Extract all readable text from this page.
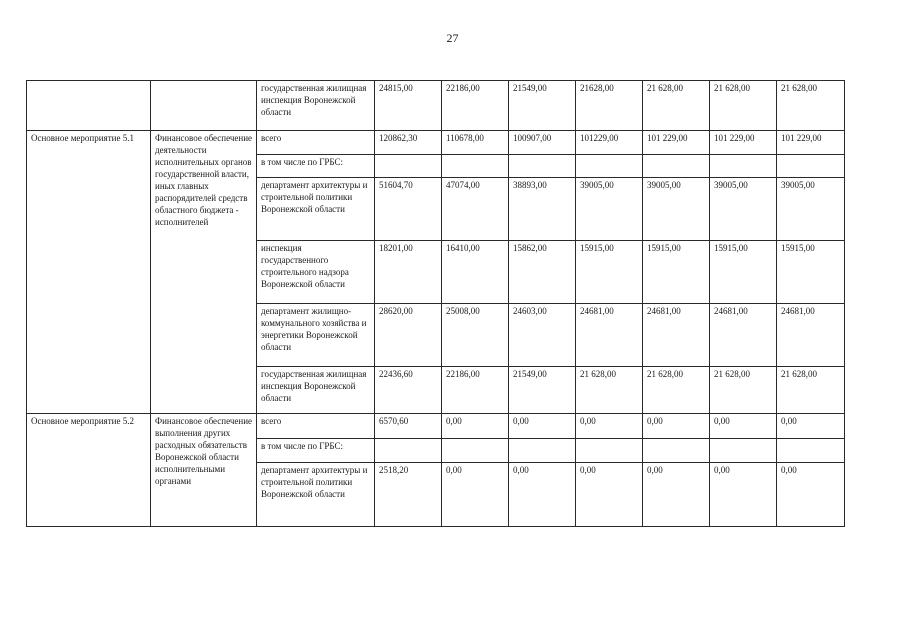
27
		государственная жилищная инспекция Воронежской области	24815,00	22186,00	21549,00	21628,00	21 628,00	21 628,00	21 628,00
Основное мероприятие 5.1	Финансовое обеспечение деятельности исполнительных органов государственной власти, иных главных распорядителей средств областного бюджета - исполнителей	всего	120862,30	110678,00	100907,00	101229,00	101 229,00	101 229,00	101 229,00
		в том числе по ГРБС:							
		департамент архитектуры и строительной политики Воронежской области	51604,70	47074,00	38893,00	39005,00	39005,00	39005,00	39005,00
		инспекция государственного строительного надзора Воронежской области	18201,00	16410,00	15862,00	15915,00	15915,00	15915,00	15915,00
		департамент жилищно-коммунального хозяйства и энергетики Воронежской области	28620,00	25008,00	24603,00	24681,00	24681,00	24681,00	24681,00
		государственная жилищная инспекция Воронежской области	22436,60	22186,00	21549,00	21 628,00	21 628,00	21 628,00	21 628,00
Основное мероприятие 5.2	Финансовое обеспечение выполнения других расходных обязательств Воронежской области исполнительными органами	всего	6570,60	0,00	0,00	0,00	0,00	0,00	0,00
		в том числе по ГРБС:							
		департамент архитектуры и строительной политики Воронежской области	2518,20	0,00	0,00	0,00	0,00	0,00	0,00
